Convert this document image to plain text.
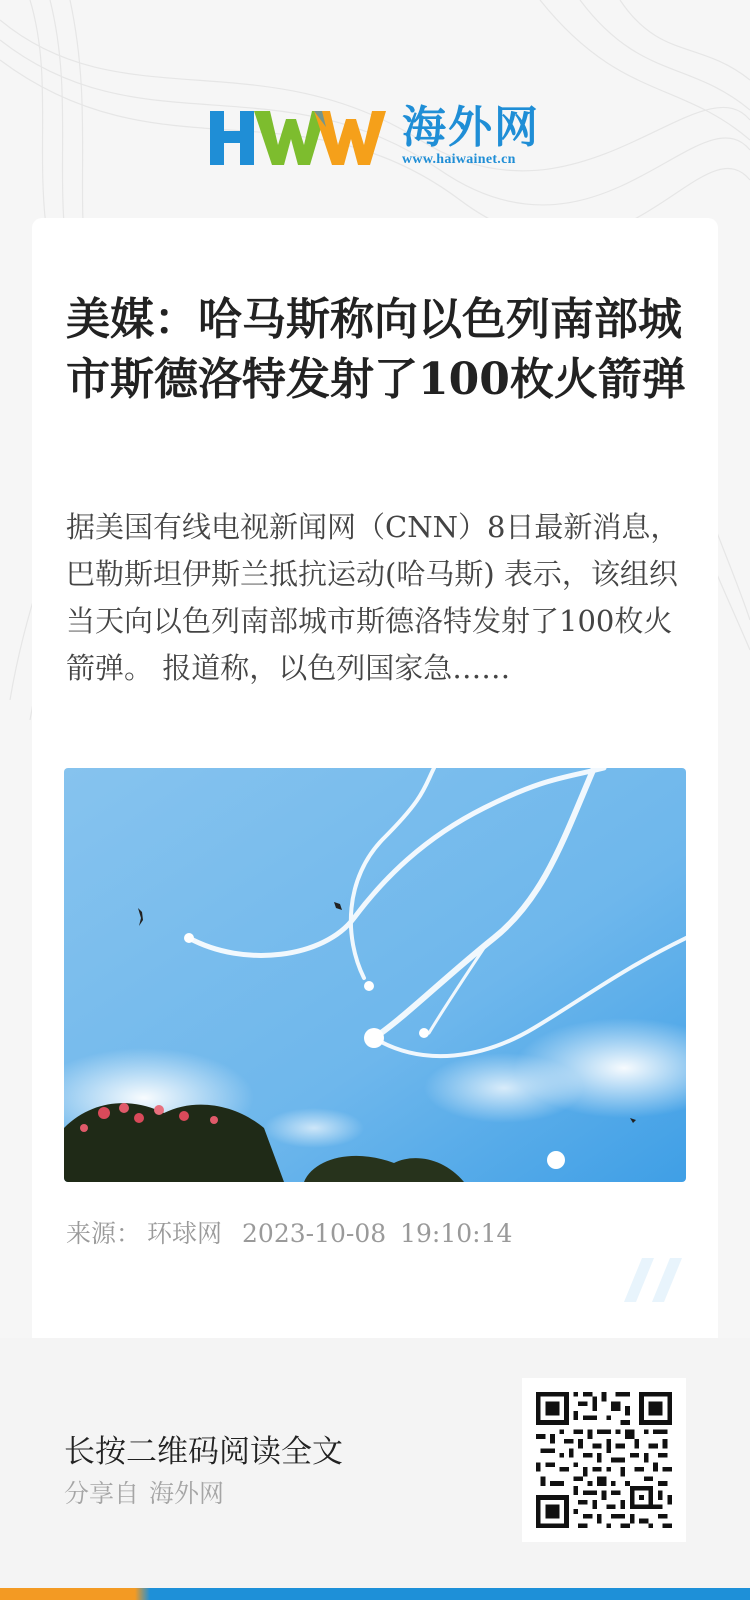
海外网
www.haiwainet.cn
美媒：哈马斯称向以色列南部城市斯德洛特发射了100枚火箭弹

据美国有线电视新闻网（CNN）8日最新消息，巴勒斯坦伊斯兰抵抗运动(哈马斯) 表示，该组织当天向以色列南部城市斯德洛特发射了100枚火箭弹。 报道称，以色列国家急……

来源： 环球网 2023-10-08 19:10:14
长按二维码阅读全文
分享自 海外网
